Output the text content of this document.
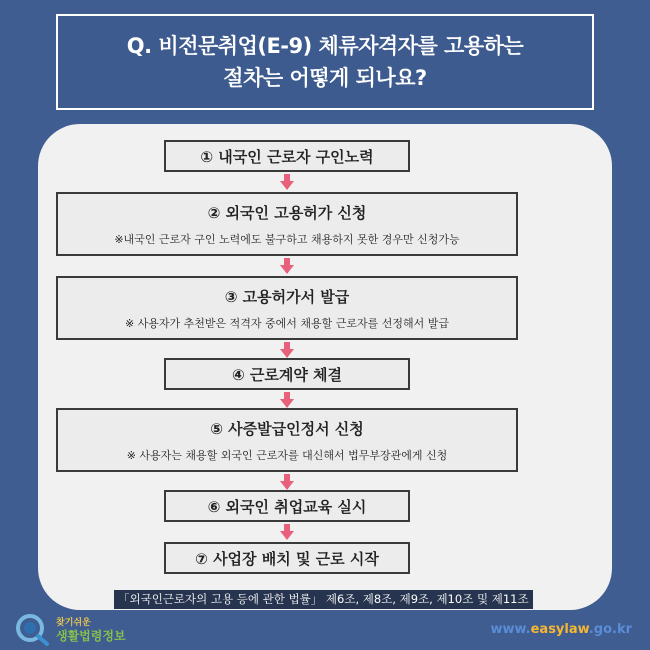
Q. 비전문취업(E-9) 체류자격자를 고용하는
절차는 어떻게 되나요?
① 내국인 근로자 구인노력
② 외국인 고용허가 신청
※내국인 근로자 구인 노력에도 불구하고 채용하지 못한 경우만 신청가능
③ 고용허가서 발급
※ 사용자가 추천받은 적격자 중에서 채용할 근로자를 선정해서 발급
④ 근로계약 체결
⑤ 사증발급인정서 신청
※ 사용자는 채용할 외국인 근로자를 대신해서 법무부장관에게 신청
⑥ 외국인 취업교육 실시
⑦ 사업장 배치 및 근로 시작
「외국인근로자의 고용 등에 관한 법률」 제6조, 제8조, 제9조, 제10조 및 제11조
찾기쉬운
생활법령정보	www.easylaw.go.kr
